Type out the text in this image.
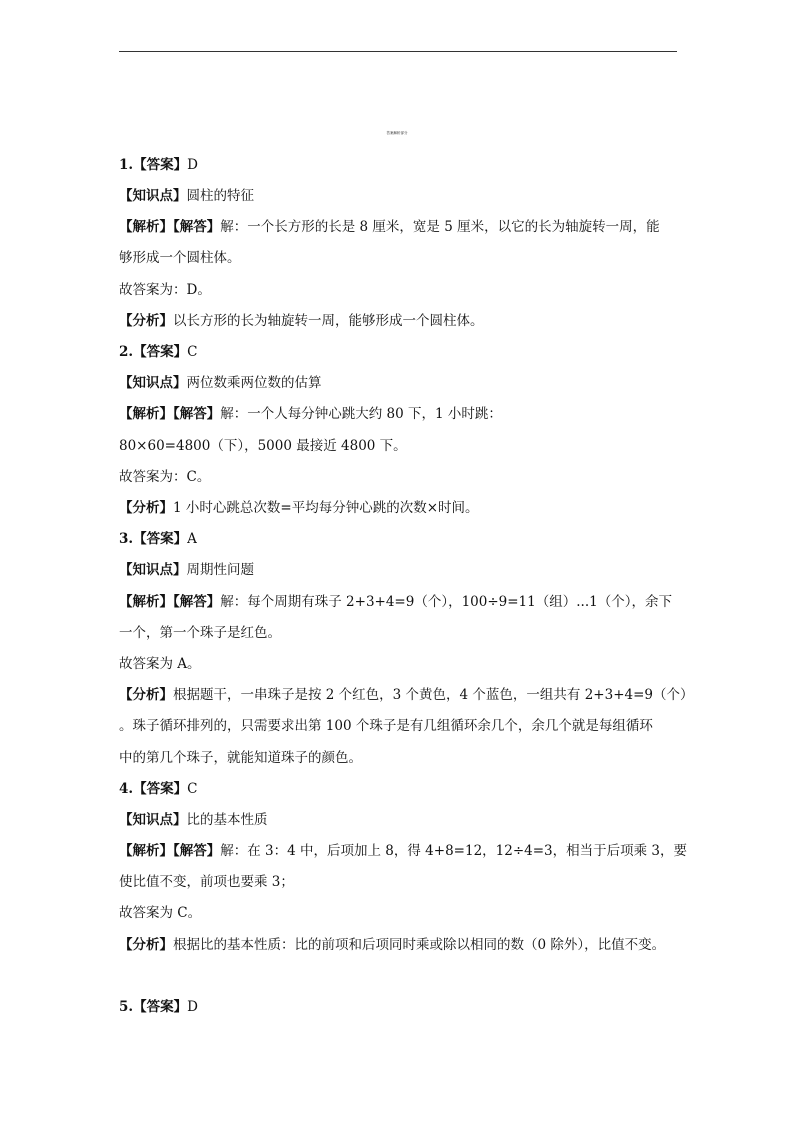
答案解析部分
1.【答案】D
【知识点】圆柱的特征
【解析】【解答】解：一个长方形的长是 8 厘米，宽是 5 厘米，以它的长为轴旋转一周，能
够形成一个圆柱体。
故答案为：D。
【分析】以长方形的长为轴旋转一周，能够形成一个圆柱体。
2.【答案】C
【知识点】两位数乘两位数的估算
【解析】【解答】解：一个人每分钟心跳大约 80 下，1 小时跳：
80×60=4800（下），5000 最接近 4800 下。
故答案为：C。
【分析】1 小时心跳总次数=平均每分钟心跳的次数×时间。
3.【答案】A
【知识点】周期性问题
【解析】【解答】解：每个周期有珠子 2+3+4=9（个），100÷9=11（组）...1（个），余下
一个，第一个珠子是红色。
故答案为 A。
【分析】根据题干，一串珠子是按 2 个红色，3 个黄色，4 个蓝色，一组共有 2+3+4=9（个）
。珠子循环排列的，只需要求出第 100 个珠子是有几组循环余几个，余几个就是每组循环
中的第几个珠子，就能知道珠子的颜色。
4.【答案】C
【知识点】比的基本性质
【解析】【解答】解：在 3：4 中，后项加上 8，得 4+8=12，12÷4=3，相当于后项乘 3，要
使比值不变，前项也要乘 3；
故答案为 C。
【分析】根据比的基本性质：比的前项和后项同时乘或除以相同的数（0 除外），比值不变。
5.【答案】D
